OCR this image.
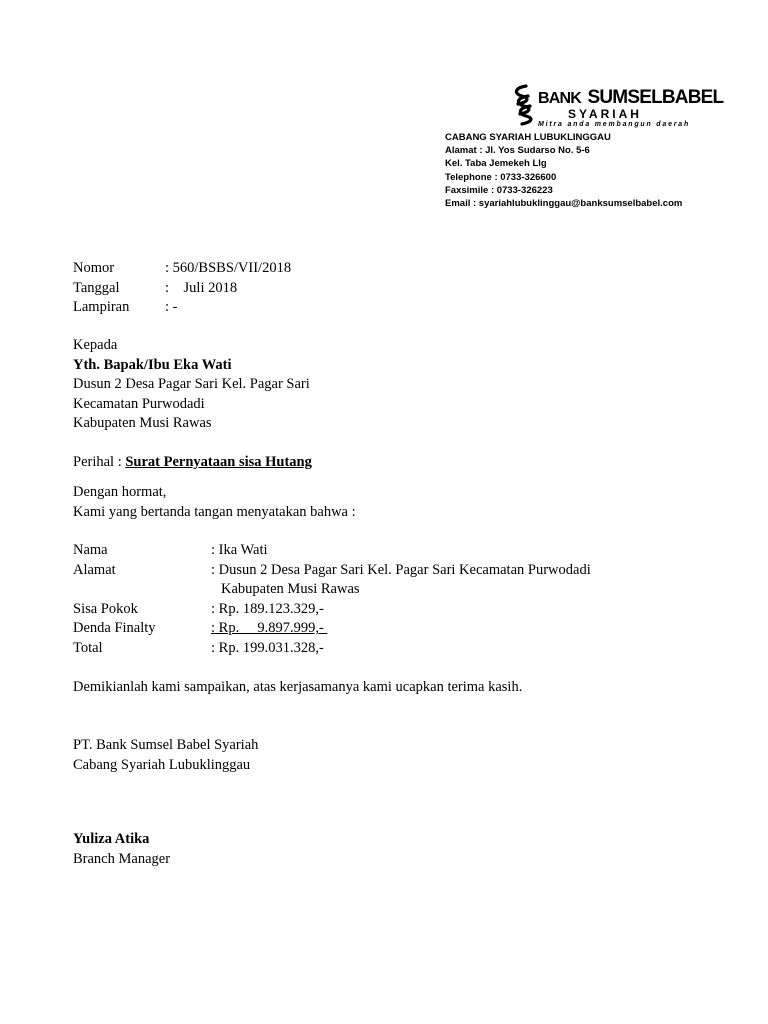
BANK SUMSELBABEL
SYARIAH
Mitra anda membangun daerah
CABANG SYARIAH LUBUKLINGGAU
Alamat : Jl. Yos Sudarso No. 5-6
Kel. Taba Jemekeh Llg
Telephone : 0733-326600
Faxsimile : 0733-326223
Email : syariahlubuklinggau@banksumselbabel.com
Nomor	: 560/BSBS/VII/2018
Tanggal	:    Juli 2018
Lampiran : -
Kepada
Yth. Bapak/Ibu Eka Wati
Dusun 2 Desa Pagar Sari Kel. Pagar Sari
Kecamatan Purwodadi
Kabupaten Musi Rawas
Perihal : Surat Pernyataan sisa Hutang
Dengan hormat,
Kami yang bertanda tangan menyatakan bahwa :
Nama	: Ika Wati
Alamat	: Dusun 2 Desa Pagar Sari Kel. Pagar Sari Kecamatan Purwodadi
Kabupaten Musi Rawas
Sisa Pokok	: Rp. 189.123.329,-
Denda Finalty	: Rp.     9.897.999,-
Total	: Rp. 199.031.328,-
Demikianlah kami sampaikan, atas kerjasamanya kami ucapkan terima kasih.
PT. Bank Sumsel Babel Syariah
Cabang Syariah Lubuklinggau
Yuliza Atika
Branch Manager
